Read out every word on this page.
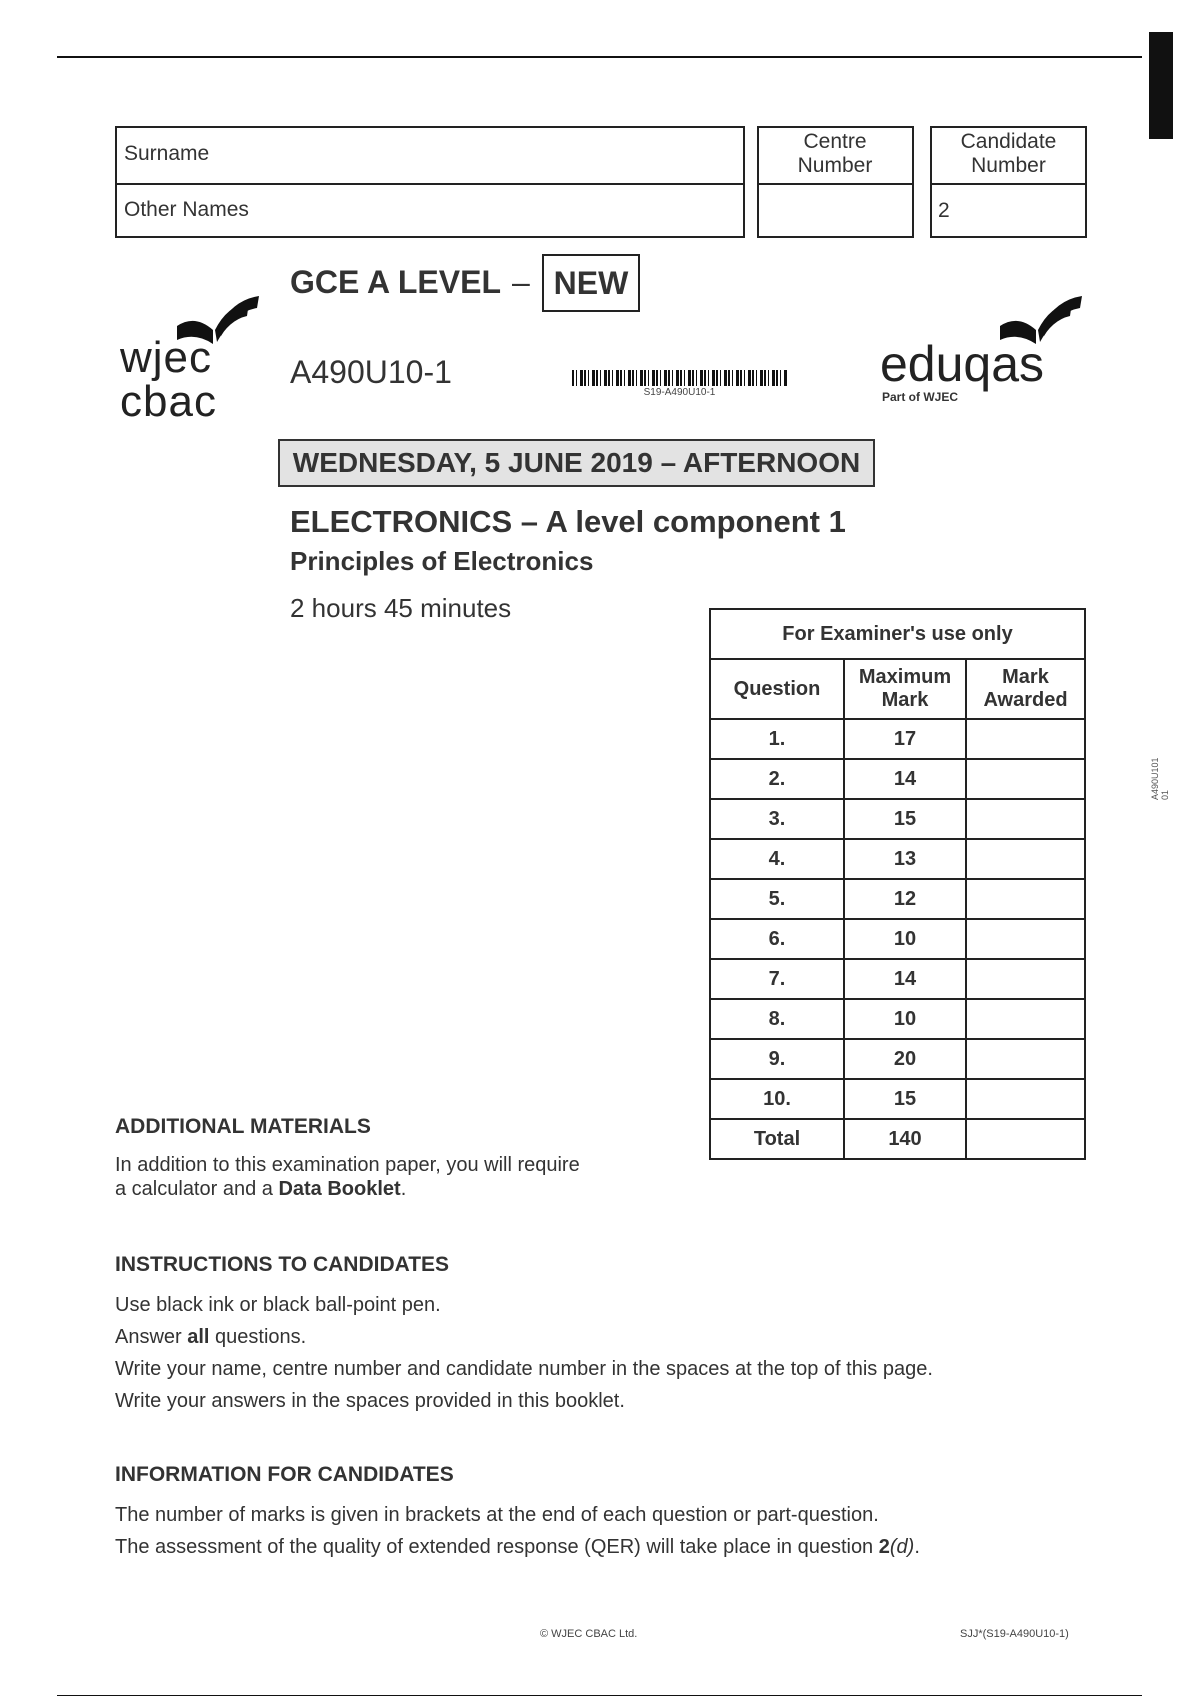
Surname
Other Names
Centre Number
Candidate Number
2
wjec
cbac
GCE A LEVEL – NEW
A490U10-1
S19-A490U10-1
eduqas
Part of WJEC
WEDNESDAY, 5 JUNE 2019 – AFTERNOON
ELECTRONICS – A level component 1
Principles of Electronics
2 hours 45 minutes
For Examiner's use only		
Question	Maximum Mark	Mark Awarded
1.	17	
2.	14	
3.	15	
4.	13	
5.	12	
6.	10	
7.	14	
8.	10	
9.	20	
10.	15	
Total	140	
ADDITIONAL MATERIALS
In addition to this examination paper, you will require a calculator and a Data Booklet.
INSTRUCTIONS TO CANDIDATES
Use black ink or black ball-point pen.
Answer all questions.
Write your name, centre number and candidate number in the spaces at the top of this page.
Write your answers in the spaces provided in this booklet.
INFORMATION FOR CANDIDATES
The number of marks is given in brackets at the end of each question or part-question.
The assessment of the quality of extended response (QER) will take place in question 2(d).
© WJEC CBAC Ltd.	SJJ*(S19-A490U10-1)
A490U101 01
